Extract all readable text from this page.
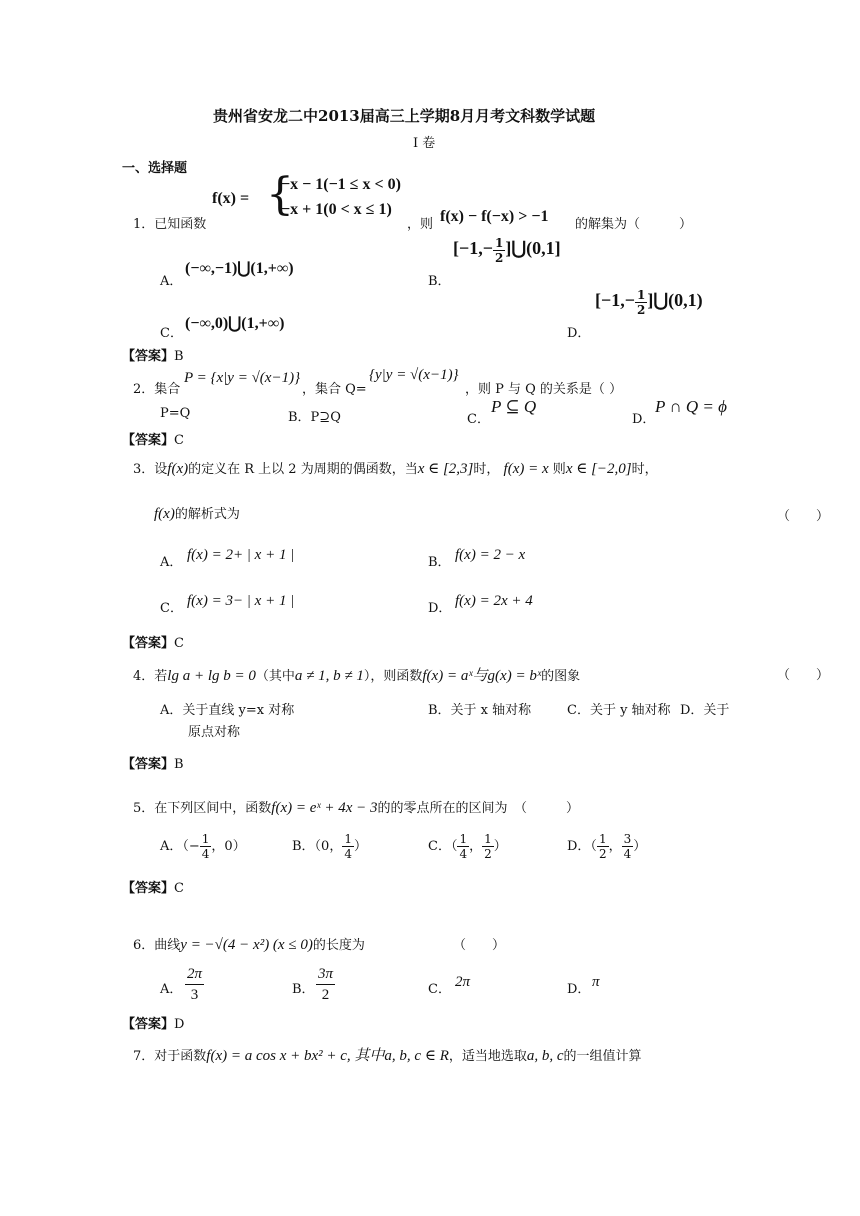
贵州省安龙二中2013届高三上学期8月月考文科数学试题
I 卷
一、选择题
1．已知函数
f(x) = {
−x − 1(−1 ≤ x < 0)
−x + 1(0 < x ≤ 1)
，则 f(x) − f(−x) > −1 的解集为（　　　）
A．
(−∞,−1)⋃(1,+∞)
B．
[$-1,- \frac{1}{2}$ ]⋃(0,1]
C．
(−∞,0)⋃(1,+∞)
D．
[$-1,- \frac{1}{2}$ ]⋃(0,1)
【答案】B
2．集合
P = {x|y = √(x−1)}
，集合 Q=
{y|y = √(x−1)}
，则 P 与 Q 的关系是（ ）
P=Q	B．P⊇Q	C．
P ⊆ Q
D．
P ∩ Q = ϕ
【答案】C
3．设f(x)的定义在 R 上以 2 为周期的偶函数，当x ∈ [2,3]时， f(x) = x 则x ∈ [−2,0]时，
f(x)的解析式为	（　　）
A． f(x) = 2+ | x + 1 |	B． f(x) = 2 − x
C． f(x) = 3− | x + 1 |	D． f(x) = 2x + 4
【答案】C
4．若lg a + lg b = 0（其中a ≠ 1, b ≠ 1），则函数f(x) = aˣ与g(x) = bˣ的图象	（　　）
A．关于直线 y=x 对称	B．关于 x 轴对称	C．关于 y 轴对称 D．关于
原点对称
【答案】B
5．在下列区间中，函数f(x) = eˣ + 4x − 3的的零点所在的区间为　（　　　）
A．（− $\frac{1}{4}$ ，0）	B．（0， $\frac{1}{4}$ ）	C．（ $\frac{1}{4}$ ， $\frac{1}{2}$ ）	D．（ $\frac{1}{2}$ ， $\frac{3}{4}$ ）
【答案】C
6．曲线y = −√(4 − x²) (x ≤ 0)的长度为	（　　）
A． $\frac{2\pi}{3}$	B． $\frac{3\pi}{2}$	C． 2π	D． π
【答案】D
7．对于函数f(x) = a cos x + bx² + c, 其中a, b, c ∈ R，适当地选取a, b, c的一组值计算
